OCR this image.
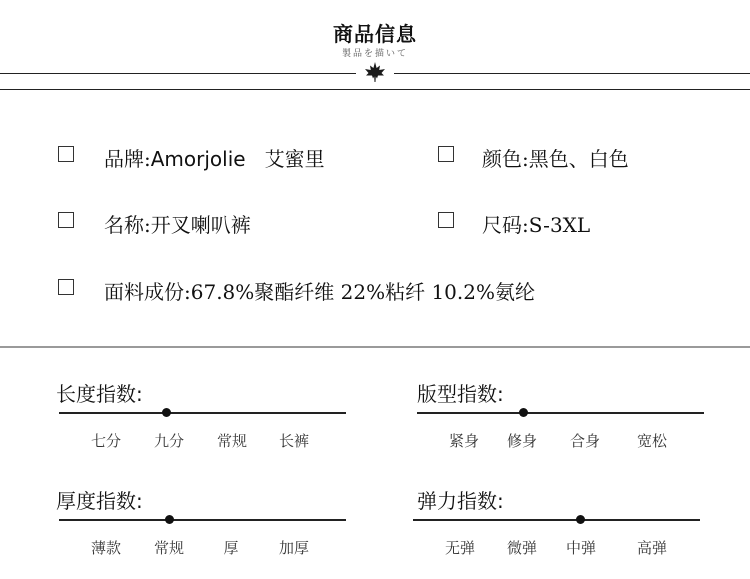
商品信息
製品を描いて
品牌:Amorjolie 艾蜜里	颜色:黑色、白色
名称:开叉喇叭裤	尺码:S-3XL
面料成份:67.8%聚酯纤维 22%粘纤 10.2%氨纶
长度指数:
七分	九分	常规	长裤
版型指数:
紧身	修身	合身	宽松
厚度指数:
薄款	常规	厚	加厚
弹力指数:
无弹	微弹	中弹	高弹
